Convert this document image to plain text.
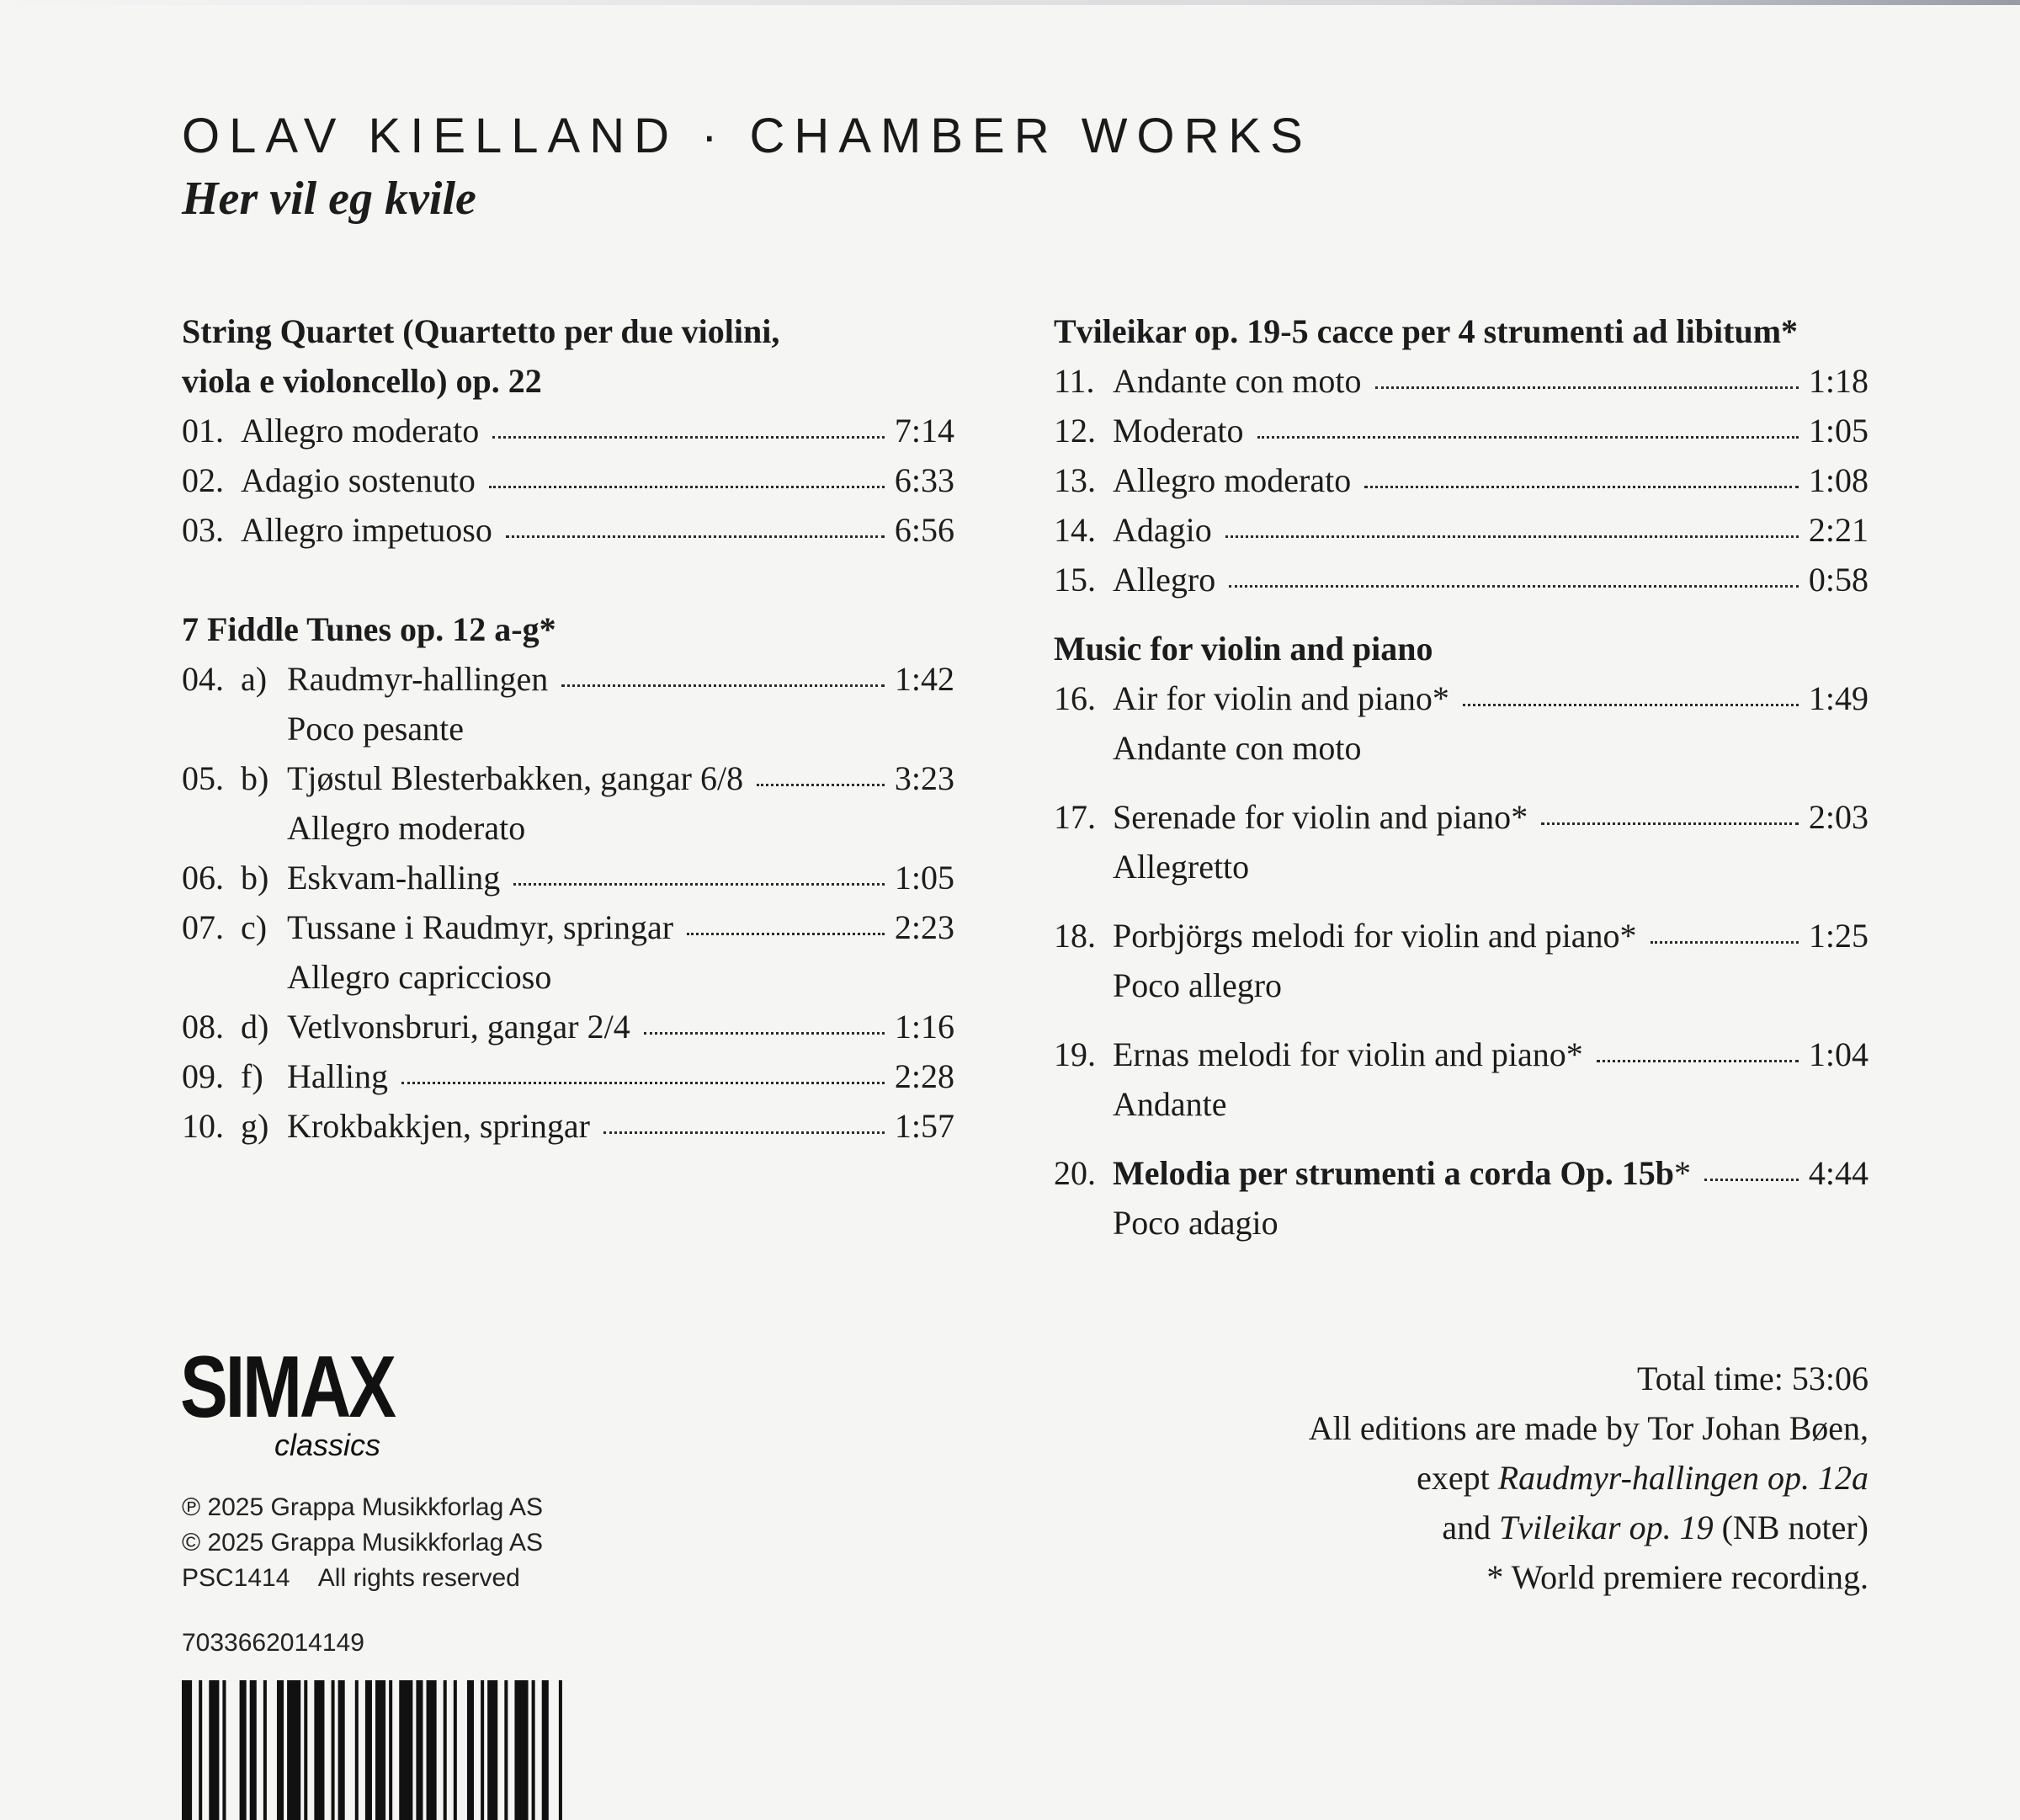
OLAV KIELLAND · CHAMBER WORKS
Her vil eg kvile
String Quartet (Quartetto per due violini,
viola e violoncello) op. 22
01. Allegro moderato	7:14
02. Adagio sostenuto	6:33
03. Allegro impetuoso	6:56
7 Fiddle Tunes op. 12 a-g*
04. a) Raudmyr-hallingen	1:42
Poco pesante
05. b) Tjøstul Blesterbakken, gangar 6/8	3:23
Allegro moderato
06. b) Eskvam-halling	1:05
07. c) Tussane i Raudmyr, springar	2:23
Allegro capriccioso
08. d) Vetlvonsbruri, gangar 2/4	1:16
09. f) Halling	2:28
10. g) Krokbakkjen, springar	1:57
Tvileikar op. 19-5 cacce per 4 strumenti ad libitum*
11. Andante con moto	1:18
12. Moderato	1:05
13. Allegro moderato	1:08
14. Adagio	2:21
15. Allegro	0:58
Music for violin and piano
16. Air for violin and piano *	1:49
Andante con moto
17. Serenade for violin and piano *	2:03
Allegretto
18. Porbjörgs melodi for violin and piano *	1:25
Poco allegro
19. Ernas melodi for violin and piano *	1:04
Andante
20. Melodia per strumenti a corda Op. 15b *	4:44
Poco adagio
SIMAX
classics
℗ 2025 Grappa Musikkforlag AS
© 2025 Grappa Musikkforlag AS
PSC1414 All rights reserved
7033662014149
Total time: 53:06
All editions are made by Tor Johan Bøen,
exept Raudmyr-hallingen op. 12a
and Tvileikar op. 19 (NB noter)
* World premiere recording.
